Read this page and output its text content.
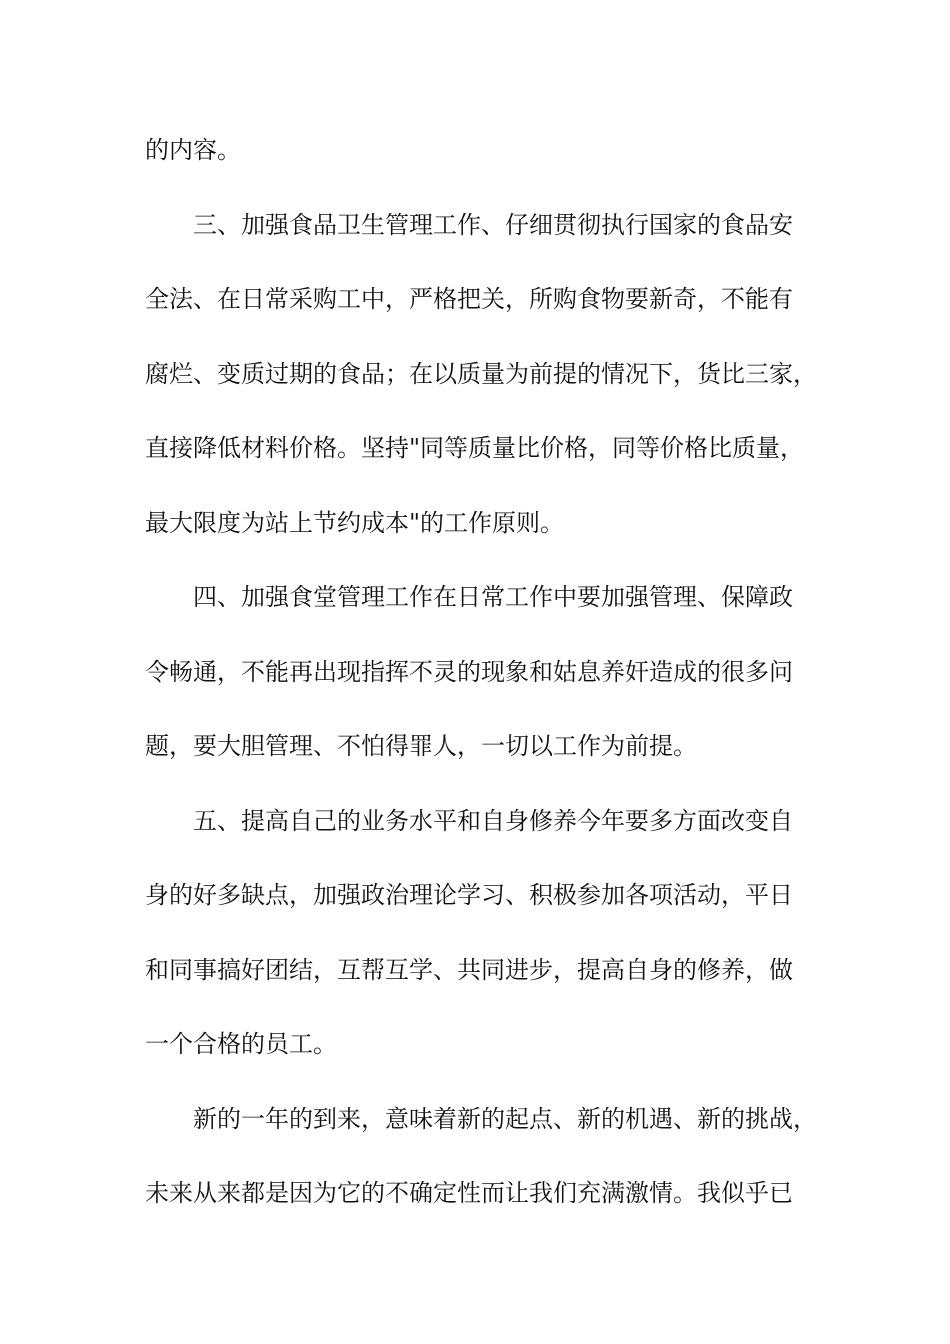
的内容。
三、加强食品卫生管理工作、仔细贯彻执行国家的食品安
全法、在日常采购工中，严格把关，所购食物要新奇，不能有
腐烂、变质过期的食品；在以质量为前提的情况下，货比三家，
直接降低材料价格。坚持"同等质量比价格，同等价格比质量，
最大限度为站上节约成本"的工作原则。
四、加强食堂管理工作在日常工作中要加强管理、保障政
令畅通，不能再出现指挥不灵的现象和姑息养奸造成的很多问
题，要大胆管理、不怕得罪人，一切以工作为前提。
五、提高自己的业务水平和自身修养今年要多方面改变自
身的好多缺点，加强政治理论学习、积极参加各项活动，平日
和同事搞好团结，互帮互学、共同进步，提高自身的修养，做
一个合格的员工。
新的一年的到来，意味着新的起点、新的机遇、新的挑战，
未来从来都是因为它的不确定性而让我们充满激情。我似乎已
